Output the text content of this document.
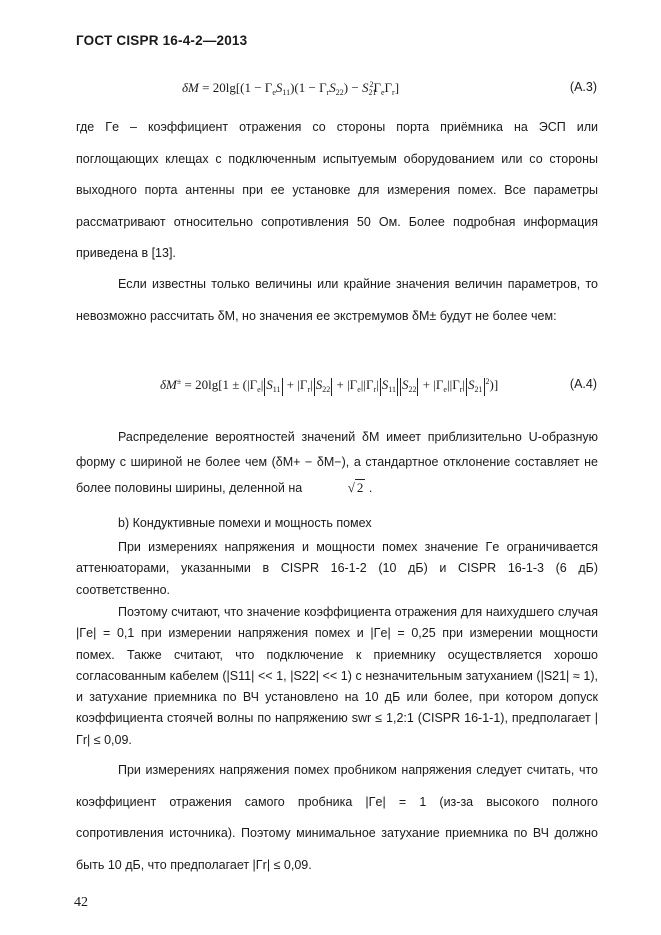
ГОСТ CISPR 16-4-2—2013
$\delta M = 20\lg[(1 - \Gamma_eS_{11})(1 - \Gamma_rS_{22}) - S_{21}^2\Gamma_e\Gamma_r]$	(А.3)
где Γe – коэффициент отражения со стороны порта приёмника на ЭСП или поглощающих клещах с подключенным испытуемым оборудованием или со стороны выходного порта антенны при ее установке для измерения помех. Все параметры рассматривают относительно сопротивления 50 Ом. Более подробная информация приведена в [13].
Если известны только величины или крайние значения величин параметров, то невозможно рассчитать δM, но значения ее экстремумов δM± будут не более чем:
$\delta M^\pm = 20\lg[1 \pm (|\Gamma_e|$ $S_{11} + |\Gamma_r|$ $S_{22} + |\Gamma_e||\Gamma_r|$ $S_{11}$ $S_{22} + |\Gamma_e||\Gamma_r|$ $S_{21}^2$)]	(А.4)
Распределение вероятностей значений δM имеет приблизительно U-образную форму с шириной не более чем (δM+ − δM−), а стандартное отклонение составляет не более половины ширины, деленной на	√ 2 .
b) Кондуктивные помехи и мощность помех
При измерениях напряжения и мощности помех значение Γe ограничивается аттенюаторами, указанными в CISPR 16-1-2 (10 дБ) и CISPR 16-1-3 (6 дБ) соответственно.
Поэтому считают, что значение коэффициента отражения для наихудшего случая |Γe| = 0,1 при измерении напряжения помех и |Γe| = 0,25 при измерении мощности помех. Также считают, что подключение к приемнику осуществляется хорошо согласованным кабелем (|S11| << 1, |S22| << 1) с незначительным затуханием (|S21| ≈ 1), и затухание приемника по ВЧ установлено на 10 дБ или более, при котором допуск коэффициента стоячей волны по напряжению swr ≤ 1,2:1 (CISPR 16-1-1), предполагает |Γr| ≤ 0,09.
При измерениях напряжения помех пробником напряжения следует считать, что коэффициент отражения самого пробника |Γe| = 1 (из-за высокого полного сопротивления источника). Поэтому минимальное затухание приемника по ВЧ должно быть 10 дБ, что предполагает |Γr| ≤ 0,09.
42
